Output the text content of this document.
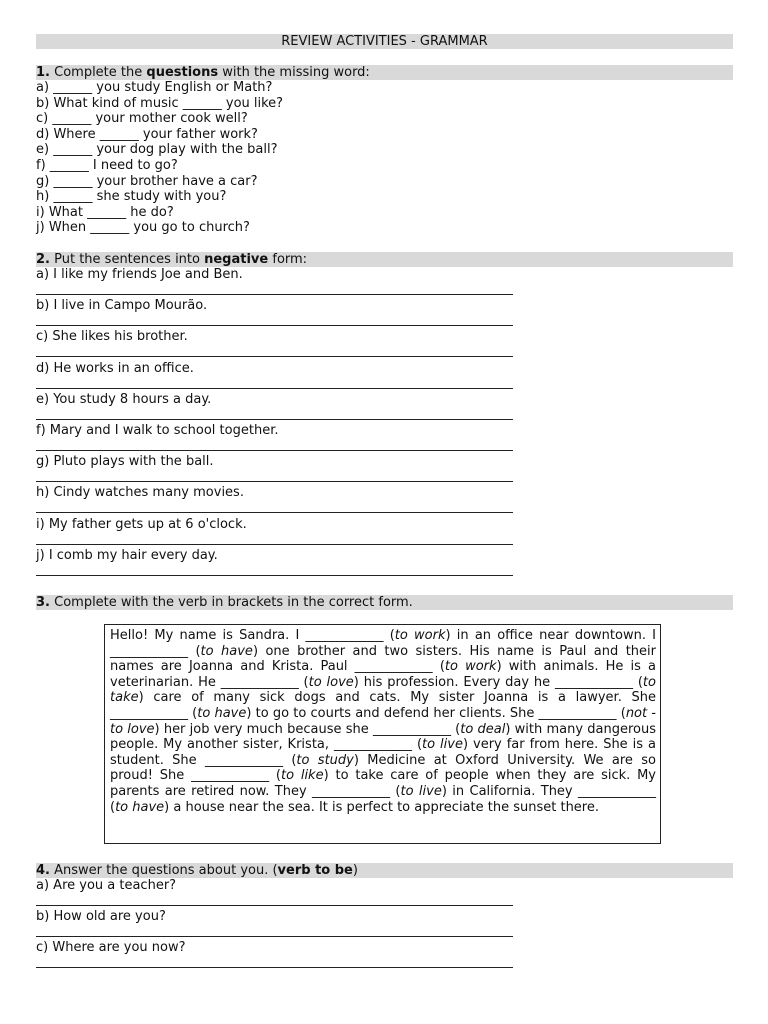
REVIEW ACTIVITIES - GRAMMAR
1. Complete the questions with the missing word:
a) ______ you study English or Math?
b) What kind of music ______ you like?
c) ______ your mother cook well?
d) Where ______ your father work?
e) ______ your dog play with the ball?
f) ______ I need to go?
g) ______ your brother have a car?
h) ______ she study with you?
i) What ______ he do?
j) When ______ you go to church?
2. Put the sentences into negative form:
a) I like my friends Joe and Ben.
b) I live in Campo Mourão.
c) She likes his brother.
d) He works in an office.
e) You study 8 hours a day.
f) Mary and I walk to school together.
g) Pluto plays with the ball.
h) Cindy watches many movies.
i) My father gets up at 6 o'clock.
j) I comb my hair every day.
3. Complete with the verb in brackets in the correct form.
Hello! My name is Sandra. I ____________ (to work) in an office near downtown. I ____________ (to have) one brother and two sisters. His name is Paul and their names are Joanna and Krista. Paul ____________ (to work) with animals. He is a veterinarian. He ____________ (to love) his profession. Every day he ____________ (to take) care of many sick dogs and cats. My sister Joanna is a lawyer. She ____________ (to have) to go to courts and defend her clients. She ____________ (not - to love) her job very much because she ____________ (to deal) with many dangerous people. My another sister, Krista, ____________ (to live) very far from here. She is a student. She ____________ (to study) Medicine at Oxford University. We are so proud! She ____________ (to like) to take care of people when they are sick. My parents are retired now. They ____________ (to live) in California. They ____________ (to have) a house near the sea. It is perfect to appreciate the sunset there.
4. Answer the questions about you. (verb to be)
a) Are you a teacher?
b) How old are you?
c) Where are you now?
